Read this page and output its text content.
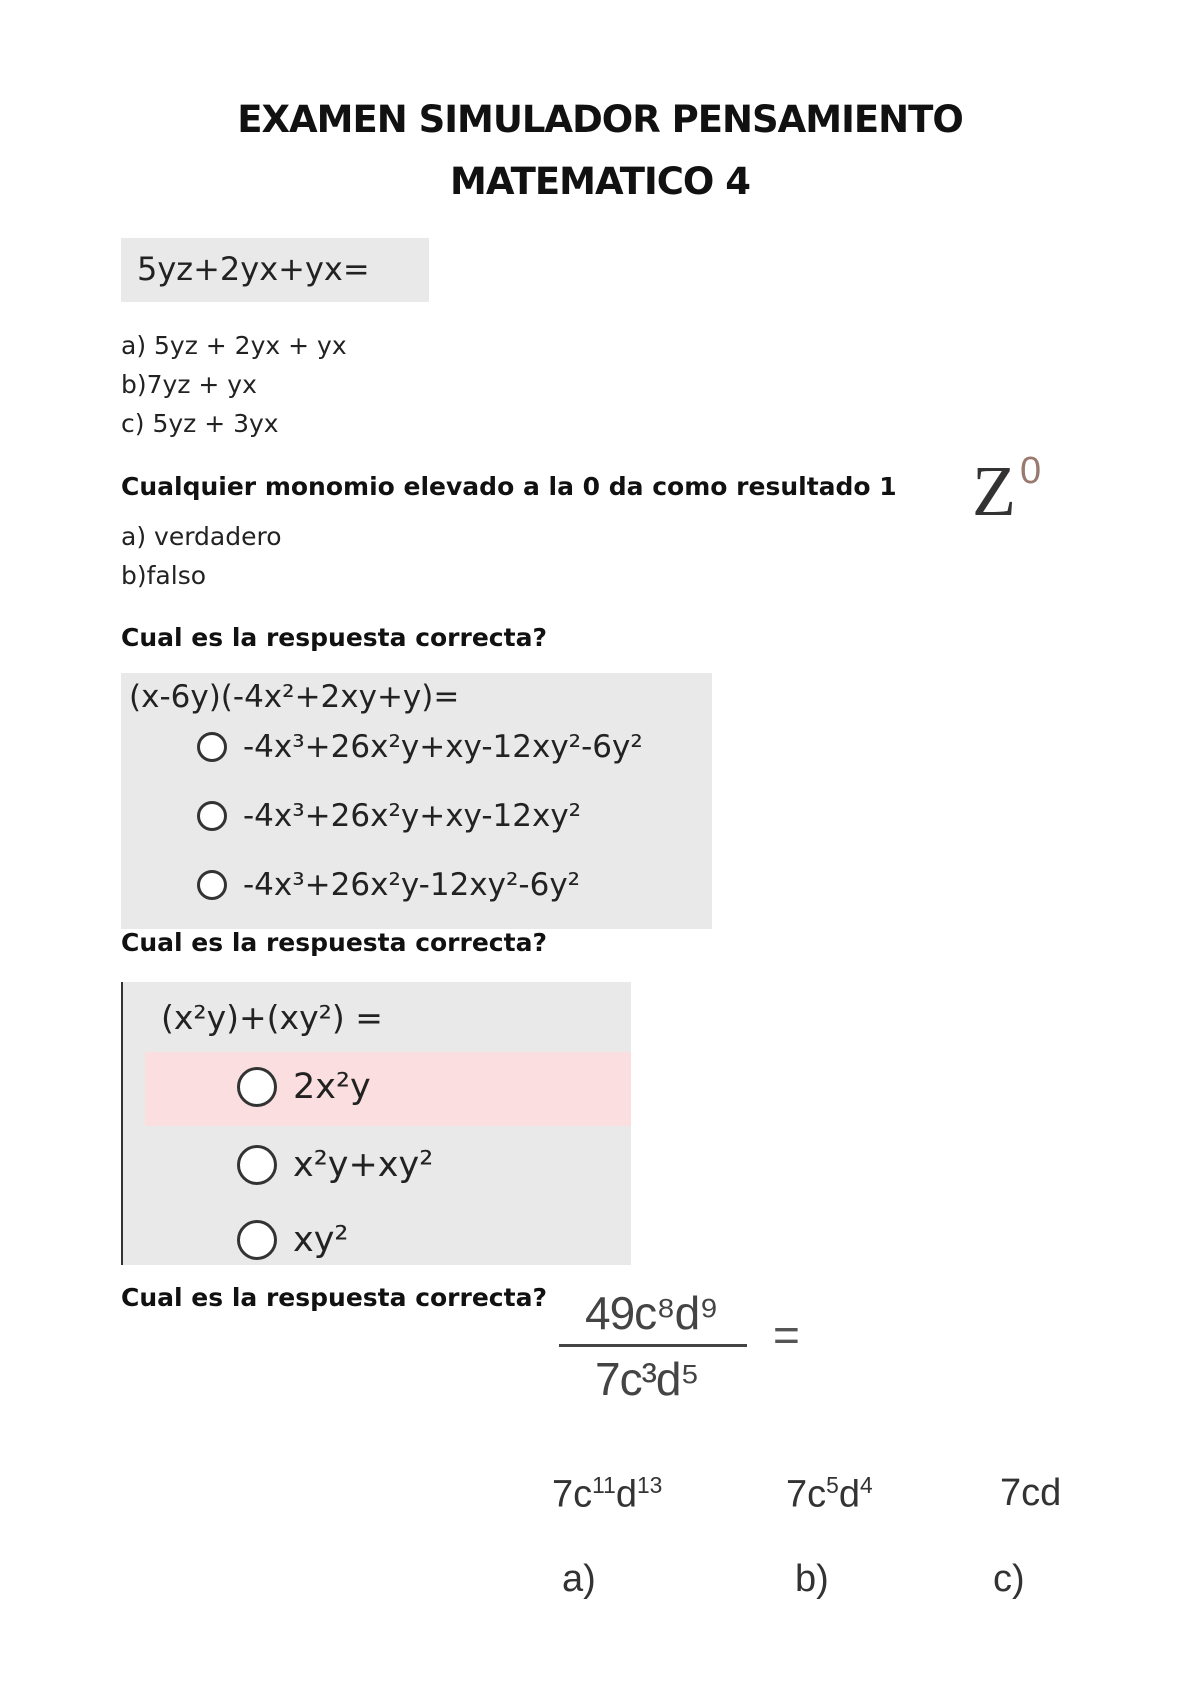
EXAMEN SIMULADOR PENSAMIENTO
MATEMATICO 4
5yz+2yx+yx=
a) 5yz + 2yx + yx
b)7yz + yx
c) 5yz + 3yx
Cualquier monomio elevado a la 0 da como resultado 1 Z 0
a) verdadero
b)falso
Cual es la respuesta correcta?
(x-6y)(-4x²+2xy+y)=
-4x³+26x²y+xy-12xy²-6y²
-4x³+26x²y+xy-12xy²
-4x³+26x²y-12xy²-6y²
Cual es la respuesta correcta?
(x²y)+(xy²) =
2x²y
x²y+xy²
xy²
Cual es la respuesta correcta? 49c⁸d⁹
7c³d⁵
=
$7c^{11}d^{13}$
a)
$7c^5d^4$
b)
7cd
c)
